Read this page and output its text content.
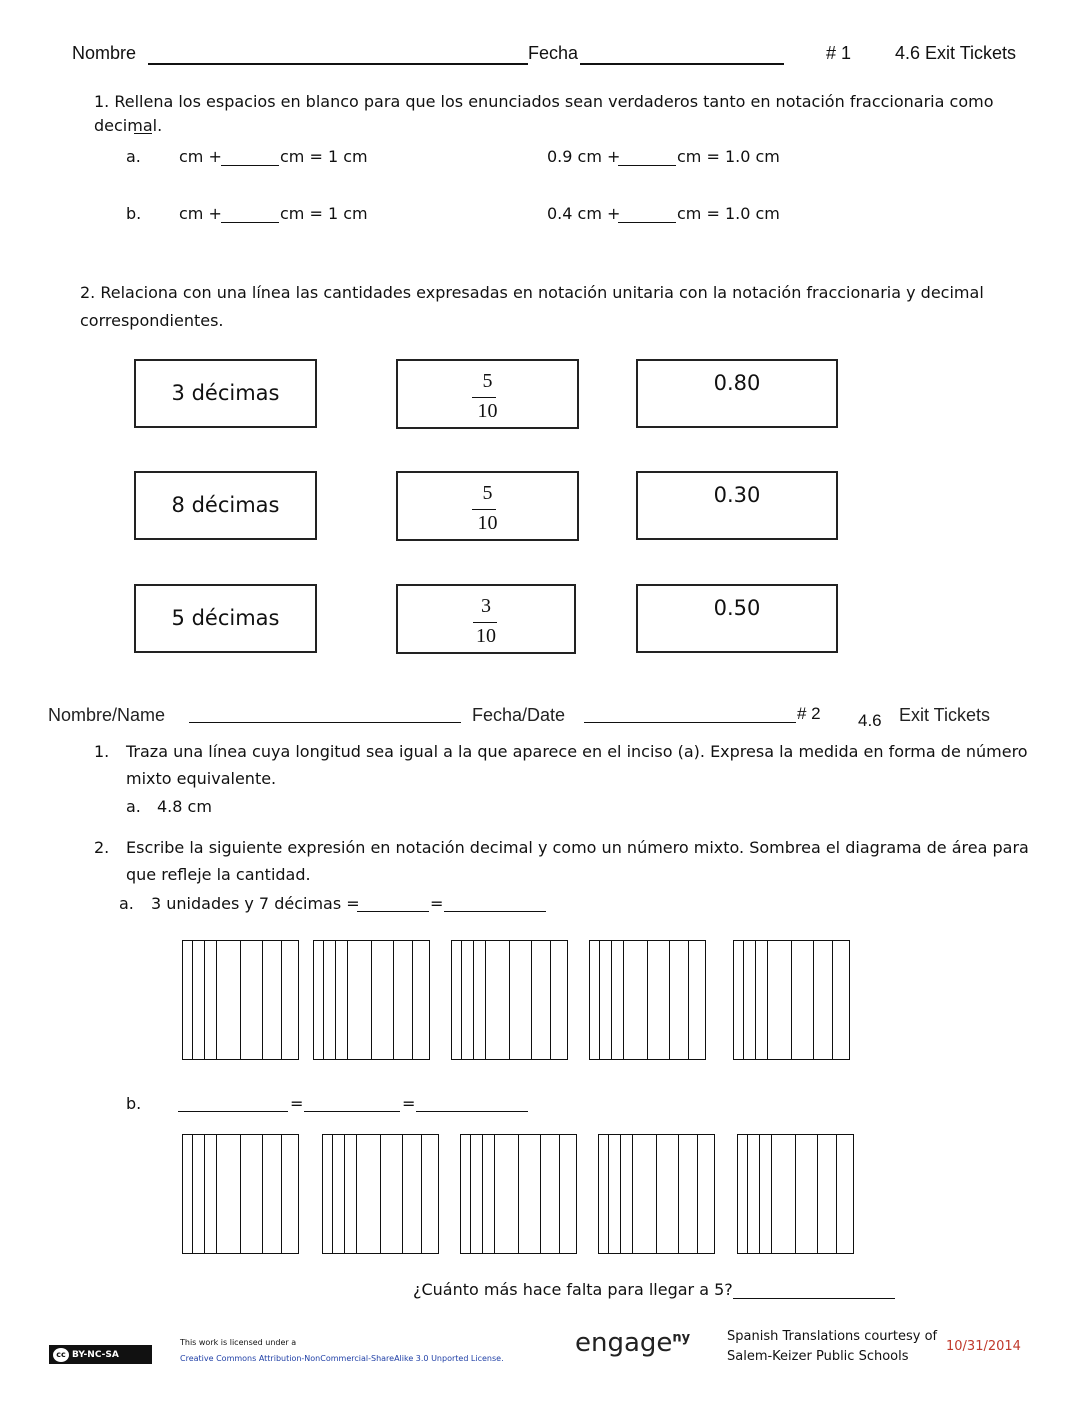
Nombre	Fecha	# 1 4.6 Exit Tickets
1. Rellena los espacios en blanco para que los enunciados sean verdaderos tanto en notación fraccionaria como
decimal.
a. cm +	cm = 1 cm	0.9 cm +	cm = 1.0 cm
b. cm +	cm = 1 cm	0.4 cm +	cm = 1.0 cm
2. Relaciona con una línea las cantidades expresadas en notación unitaria con la notación fraccionaria y decimal
correspondientes.
3 décimas
8 décimas
5 décimas
5
10
5
10
3
10
0.80
0.30
0.50
Nombre/Name	Fecha/Date	# 2 4.6 Exit Tickets
1. Traza una línea cuya longitud sea igual a la que aparece en el inciso (a). Expresa la medida en forma de número
mixto equivalente.
a. 4.8 cm
2. Escribe la siguiente expresión en notación decimal y como un número mixto. Sombrea el diagrama de área para
que refleje la cantidad.
a. 3 unidades y 7 décimas =	=
b.	=	=
¿Cuánto más hace falta para llegar a 5?
cc BY-NC-SA
This work is licensed under a
Creative Commons Attribution-NonCommercial-ShareAlike 3.0 Unported License.
engage$^{ny}$	Spanish Translations courtesy of
Salem-Keizer Public Schools
10/31/2014
